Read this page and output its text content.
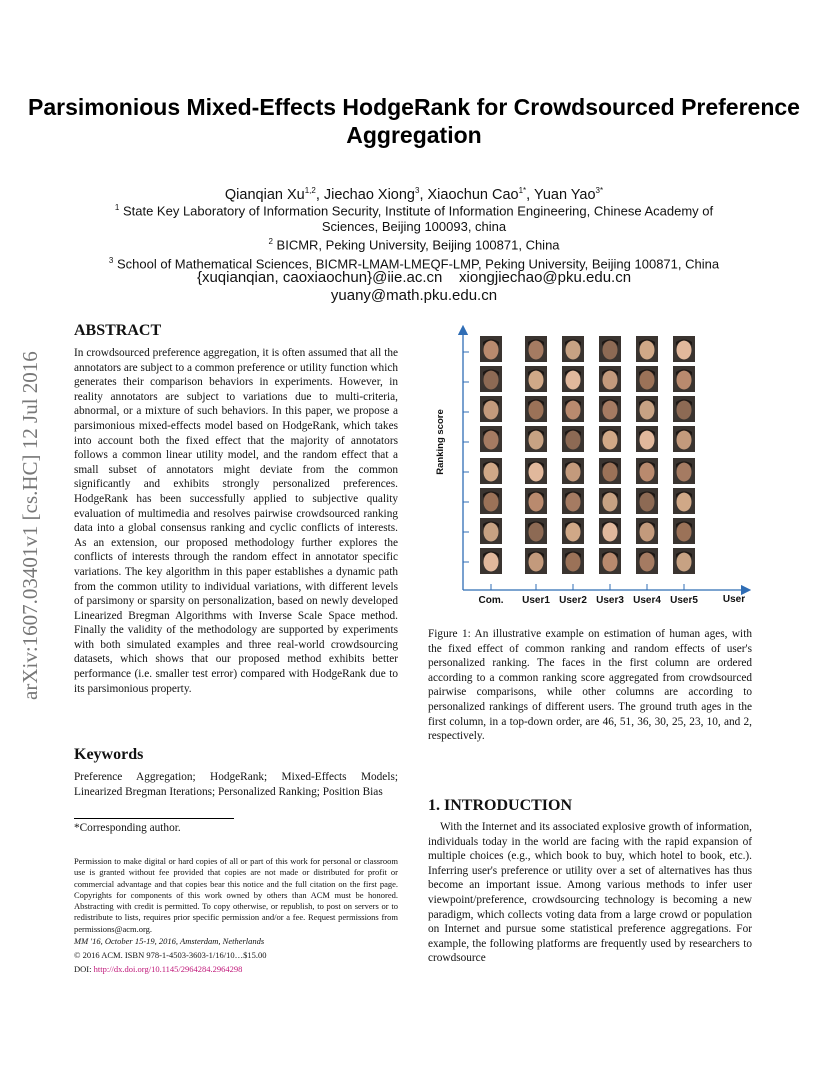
Parsimonious Mixed-Effects HodgeRank for Crowdsourced Preference Aggregation
Qianqian Xu$^{1,2}$, Jiechao Xiong$^3$, Xiaochun Cao$^{1*}$, Yuan Yao$^{3*}$
$^1$ State Key Laboratory of Information Security, Institute of Information Engineering, Chinese Academy of Sciences, Beijing 100093, china
$^2$ BICMR, Peking University, Beijing 100871, China
$^3$ School of Mathematical Sciences, BICMR-LMAM-LMEQF-LMP, Peking University, Beijing 100871, China
{xuqianqian, caoxiaochun}@iie.ac.cn xiongjiechao@pku.edu.cn
yuany@math.pku.edu.cn
arXiv:1607.03401v1 [cs.HC] 12 Jul 2016
ABSTRACT
In crowdsourced preference aggregation, it is often assumed that all the annotators are subject to a common preference or utility function which generates their comparison behaviors in experiments. However, in reality annotators are subject to variations due to multi-criteria, abnormal, or a mixture of such behaviors. In this paper, we propose a parsimonious mixed-effects model based on HodgeRank, which takes into account both the fixed effect that the majority of annotators follows a common linear utility model, and the random effect that a small subset of annotators might deviate from the common significantly and exhibits strongly personalized preferences. HodgeRank has been successfully applied to subjective quality evaluation of multimedia and resolves pairwise crowdsourced ranking data into a global consensus ranking and cyclic conflicts of interests. As an extension, our proposed methodology further explores the conflicts of interests through the random effect in annotator specific variations. The key algorithm in this paper establishes a dynamic path from the common utility to individual variations, with different levels of parsimony or sparsity on personalization, based on newly developed Linearized Bregman Algorithms with Inverse Scale Space method. Finally the validity of the methodology are supported by experiments with both simulated examples and three real-world crowdsourcing datasets, which shows that our proposed method exhibits better performance (i.e. smaller test error) compared with HodgeRank due to its parsimonious property.
Keywords
Preference Aggregation; HodgeRank; Mixed-Effects Models; Linearized Bregman Iterations; Personalized Ranking; Position Bias
*Corresponding author.
Permission to make digital or hard copies of all or part of this work for personal or classroom use is granted without fee provided that copies are not made or distributed for profit or commercial advantage and that copies bear this notice and the full citation on the first page. Copyrights for components of this work owned by others than ACM must be honored. Abstracting with credit is permitted. To copy otherwise, or republish, to post on servers or to redistribute to lists, requires prior specific permission and/or a fee. Request permissions from permissions@acm.org.
MM '16, October 15-19, 2016, Amsterdam, Netherlands
© 2016 ACM. ISBN 978-1-4503-3603-1/16/10…$15.00
DOI: http://dx.doi.org/10.1145/2964284.2964298
Ranking score
User
Com. User1 User2 User3 User4 User5
Figure 1: An illustrative example on estimation of human ages, with the fixed effect of common ranking and random effects of user's personalized ranking. The faces in the first column are ordered according to a common ranking score aggregated from crowdsourced pairwise comparisons, while other columns are according to personalized rankings of different users. The ground truth ages in the first column, in a top-down order, are 46, 51, 36, 30, 25, 23, 10, and 2, respectively.
1. INTRODUCTION
With the Internet and its associated explosive growth of information, individuals today in the world are facing with the rapid expansion of multiple choices (e.g., which book to buy, which hotel to book, etc.). Inferring user's preference or utility over a set of alternatives has thus become an important issue. Among various methods to infer user viewpoint/preference, crowdsourcing technology is becoming a new paradigm, which collects voting data from a large crowd or population on Internet and pursue some statistical preference aggregations. For example, the following platforms are frequently used by researchers to crowdsource
